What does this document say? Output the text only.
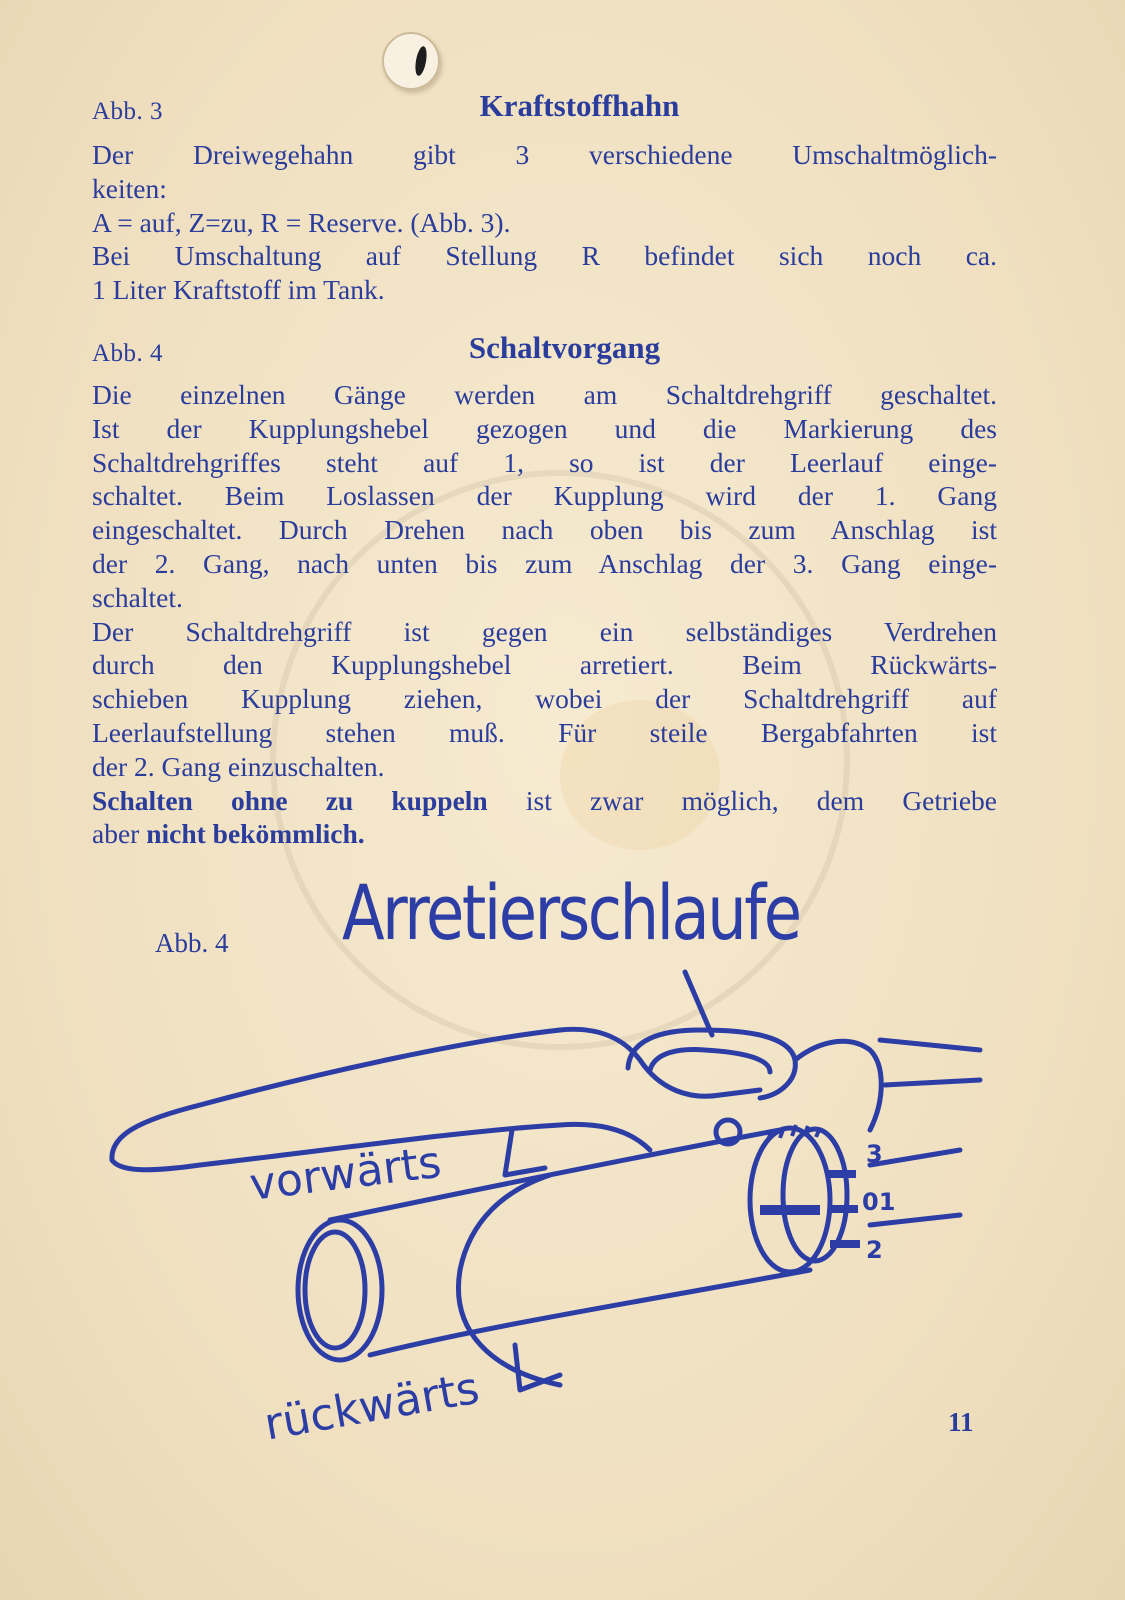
Abb. 3	Kraftstoffhahn

Der Dreiwegehahn gibt 3 verschiedene Umschaltmöglich-

keiten:

A = auf, Z=zu, R = Reserve. (Abb. 3).

Bei Umschaltung auf Stellung R befindet sich noch ca.

1 Liter Kraftstoff im Tank.

Abb. 4	Schaltvorgang

Die einzelnen Gänge werden am Schaltdrehgriff geschaltet.

Ist der Kupplungshebel gezogen und die Markierung des

Schaltdrehgriffes steht auf 1, so ist der Leerlauf einge-

schaltet. Beim Loslassen der Kupplung wird der 1. Gang

eingeschaltet. Durch Drehen nach oben bis zum Anschlag ist

der 2. Gang, nach unten bis zum Anschlag der 3. Gang einge-

schaltet.

Der Schaltdrehgriff ist gegen ein selbständiges Verdrehen

durch den Kupplungshebel arretiert. Beim Rückwärts-

schieben Kupplung ziehen, wobei der Schaltdrehgriff auf

Leerlaufstellung stehen muß. Für steile Bergabfahrten ist

der 2. Gang einzuschalten.

Schalten ohne zu kuppeln ist zwar möglich, dem Getriebe

aber nicht bekömmlich.

Abb. 4 Arretierschlaufe
3
01
2
vorwärts
rückwärts	11
